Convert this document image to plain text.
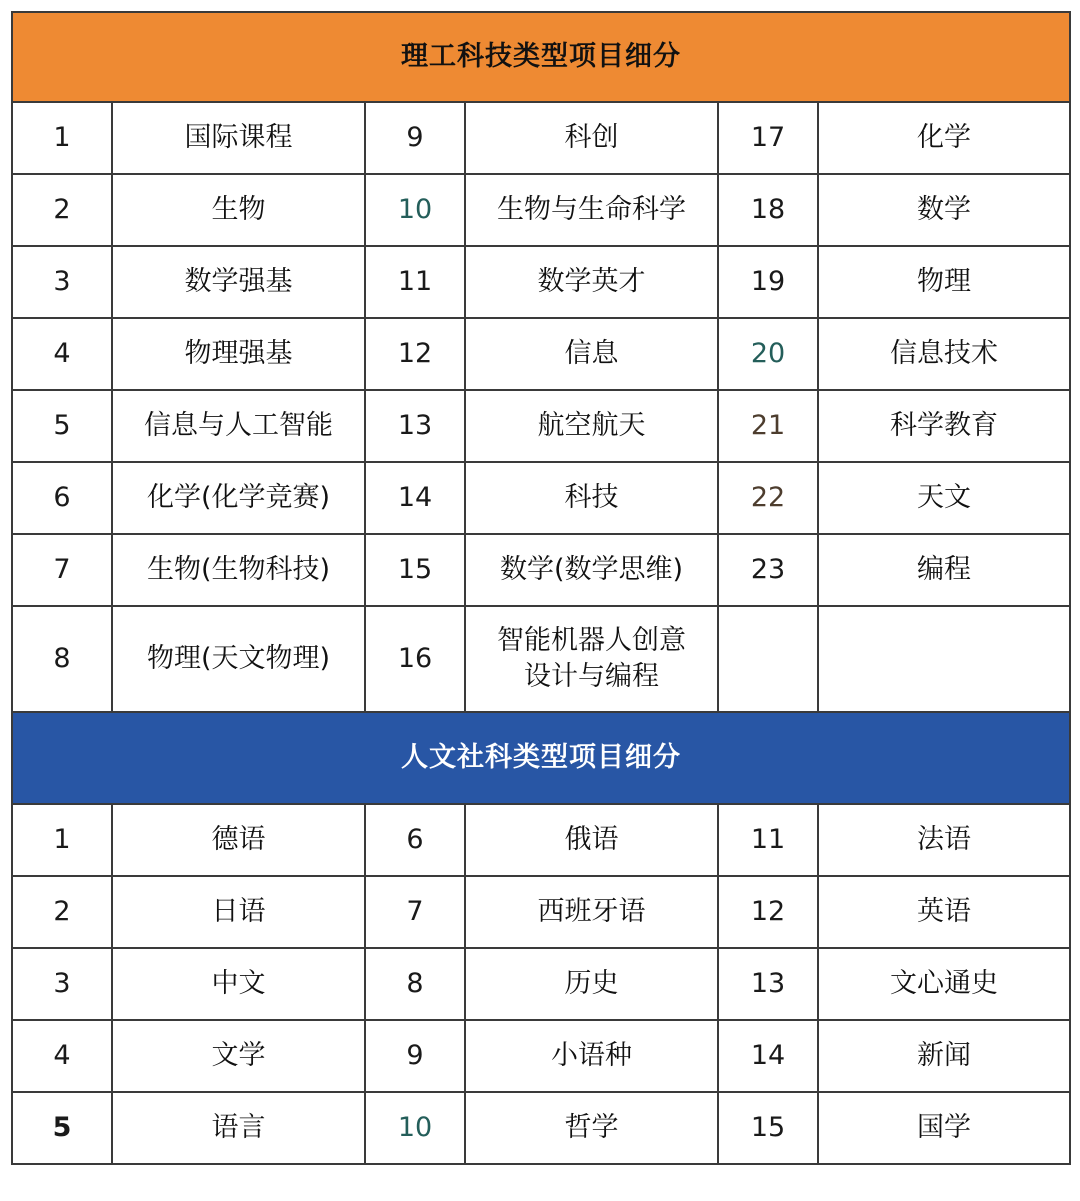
理工科技类型项目细分					
1	国际课程	9	科创	17	化学
2	生物	10	生物与生命科学	18	数学
3	数学强基	11	数学英才	19	物理
4	物理强基	12	信息	20	信息技术
5	信息与人工智能	13	航空航天	21	科学教育
6	化学(化学竞赛)	14	科技	22	天文
7	生物(生物科技)	15	数学(数学思维)	23	编程
8	物理(天文物理)	16	智能机器人创意设计与编程		
人文社科类型项目细分					
1	德语	6	俄语	11	法语
2	日语	7	西班牙语	12	英语
3	中文	8	历史	13	文心通史
4	文学	9	小语种	14	新闻
5	语言	10	哲学	15	国学
